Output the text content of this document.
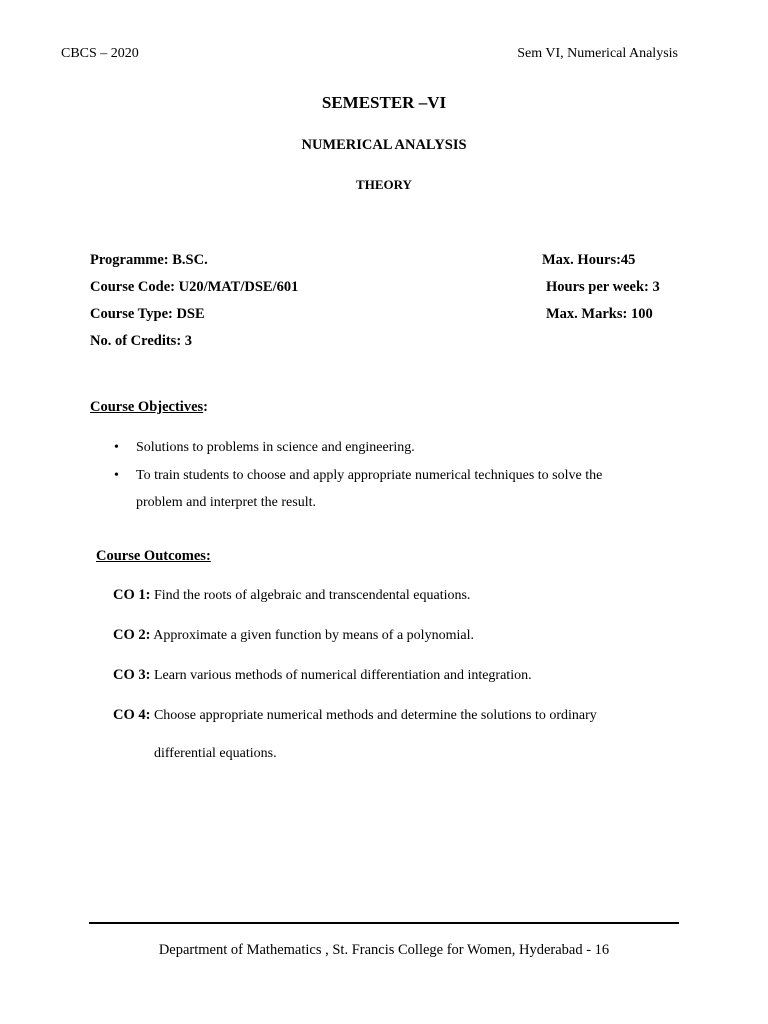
CBCS – 2020	Sem VI, Numerical Analysis
SEMESTER –VI
NUMERICAL ANALYSIS
THEORY
Programme: B.SC.
Course Code: U20/MAT/DSE/601
Course Type: DSE
No. of Credits: 3
Max. Hours:45
Hours per week: 3
Max. Marks: 100
Course Objectives:
• Solutions to problems in science and engineering.
• To train students to choose and apply appropriate numerical techniques to solve the
problem and interpret the result.
Course Outcomes:
CO 1: Find the roots of algebraic and transcendental equations.
CO 2: Approximate a given function by means of a polynomial.
CO 3: Learn various methods of numerical differentiation and integration.
CO 4: Choose appropriate numerical methods and determine the solutions to ordinary
differential equations.
Department of Mathematics , St. Francis College for Women, Hyderabad - 16
